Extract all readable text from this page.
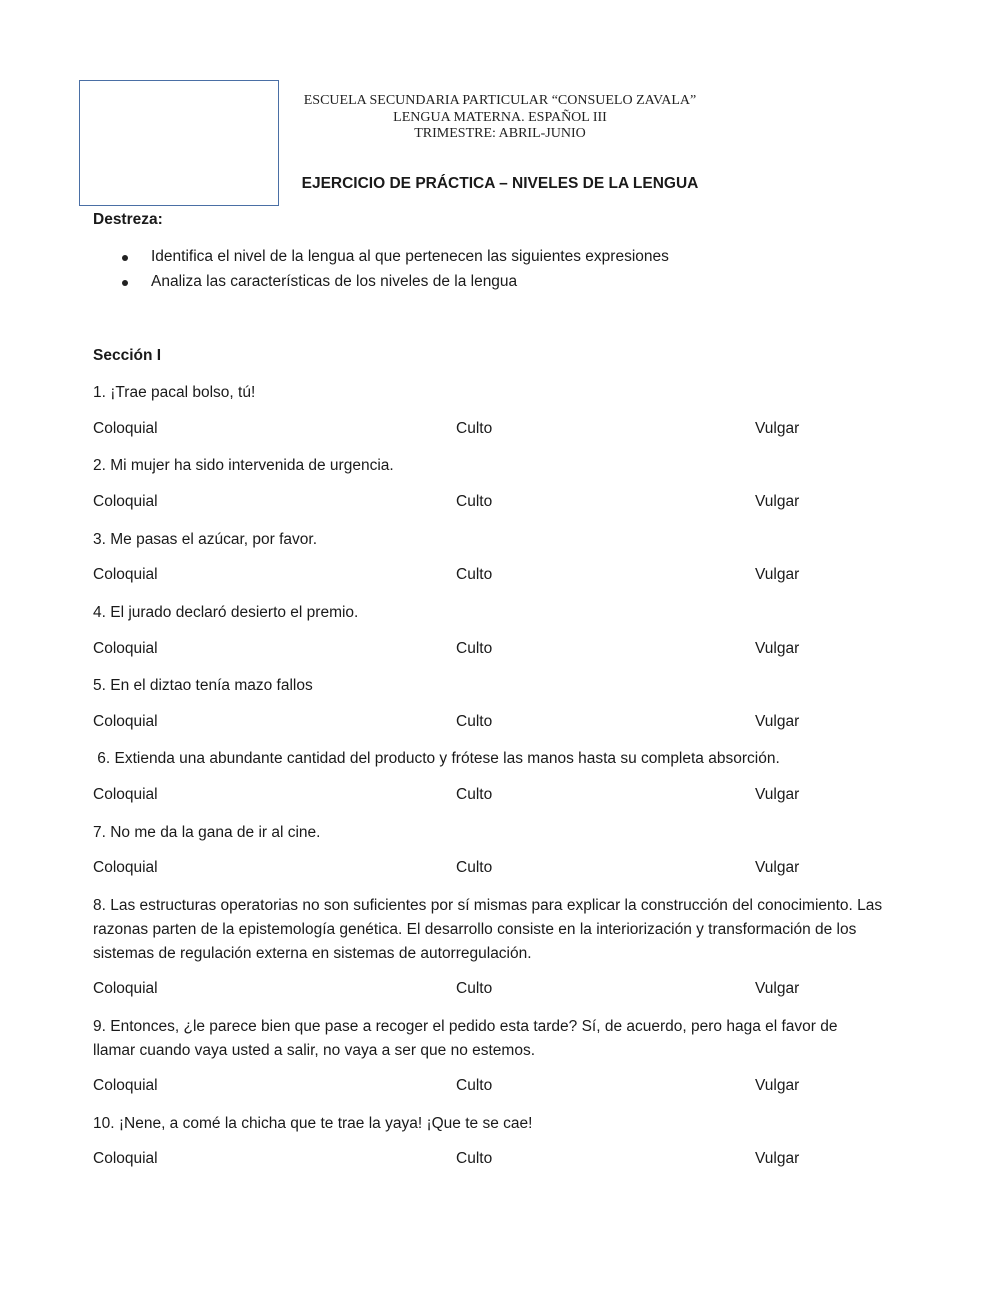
ESCUELA SECUNDARIA PARTICULAR “CONSUELO ZAVALA”
LENGUA MATERNA. ESPAÑOL III
TRIMESTRE: ABRIL-JUNIO
EJERCICIO DE PRÁCTICA – NIVELES DE LA LENGUA
Destreza:
Identifica el nivel de la lengua al que pertenecen las siguientes expresiones
Analiza las características de los niveles de la lengua
Sección I
1. ¡Trae pacal bolso, tú!
Coloquial	Culto	Vulgar
2. Mi mujer ha sido intervenida de urgencia.
Coloquial	Culto	Vulgar
3. Me pasas el azúcar, por favor.
Coloquial	Culto	Vulgar
4. El jurado declaró desierto el premio.
Coloquial	Culto	Vulgar
5. En el diztao tenía mazo fallos
Coloquial	Culto	Vulgar
6. Extienda una abundante cantidad del producto y frótese las manos hasta su completa absorción.
Coloquial	Culto	Vulgar
7. No me da la gana de ir al cine.
Coloquial	Culto	Vulgar
8. Las estructuras operatorias no son suficientes por sí mismas para explicar la construcción del conocimiento. Las razonas parten de la epistemología genética. El desarrollo consiste en la interiorización y transformación de los sistemas de regulación externa en sistemas de autorregulación.
Coloquial	Culto	Vulgar
9. Entonces, ¿le parece bien que pase a recoger el pedido esta tarde? Sí, de acuerdo, pero haga el favor de llamar cuando vaya usted a salir, no vaya a ser que no estemos.
Coloquial	Culto	Vulgar
10. ¡Nene, a comé la chicha que te trae la yaya! ¡Que te se cae!
Coloquial	Culto	Vulgar
